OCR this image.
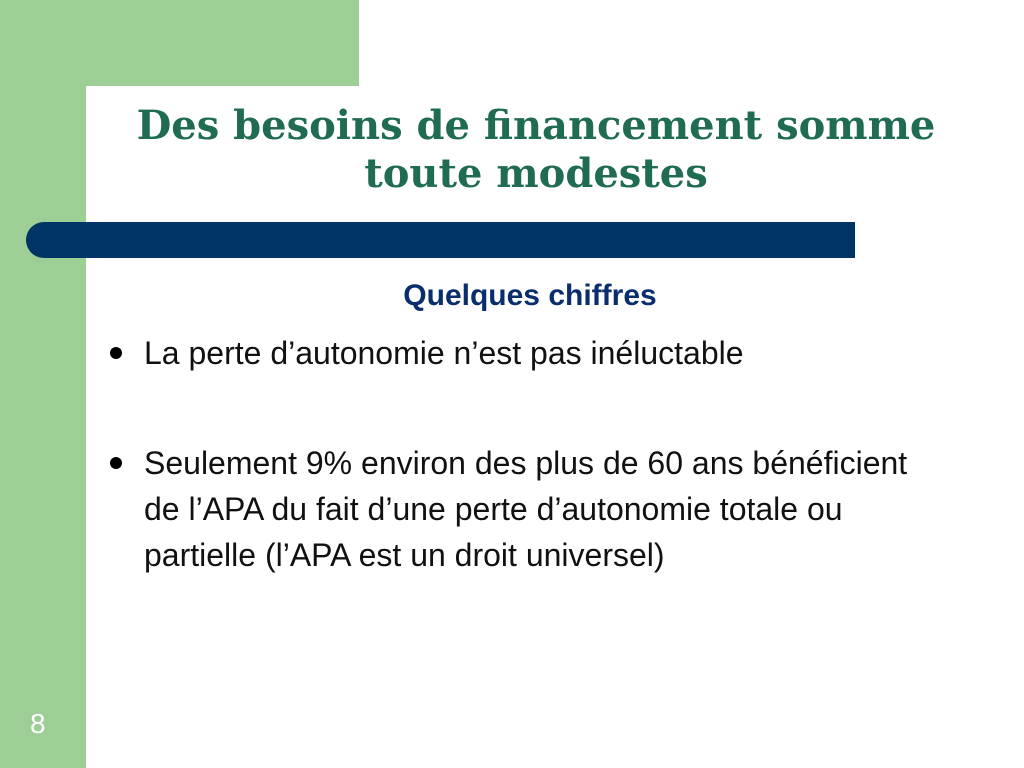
Des besoins de financement somme
toute modestes
Quelques chiffres
La perte d’autonomie n’est pas inéluctable
Seulement 9% environ des plus de 60 ans bénéficient de l’APA du fait d’une perte d’autonomie totale ou partielle (l’APA est un droit universel)
8
